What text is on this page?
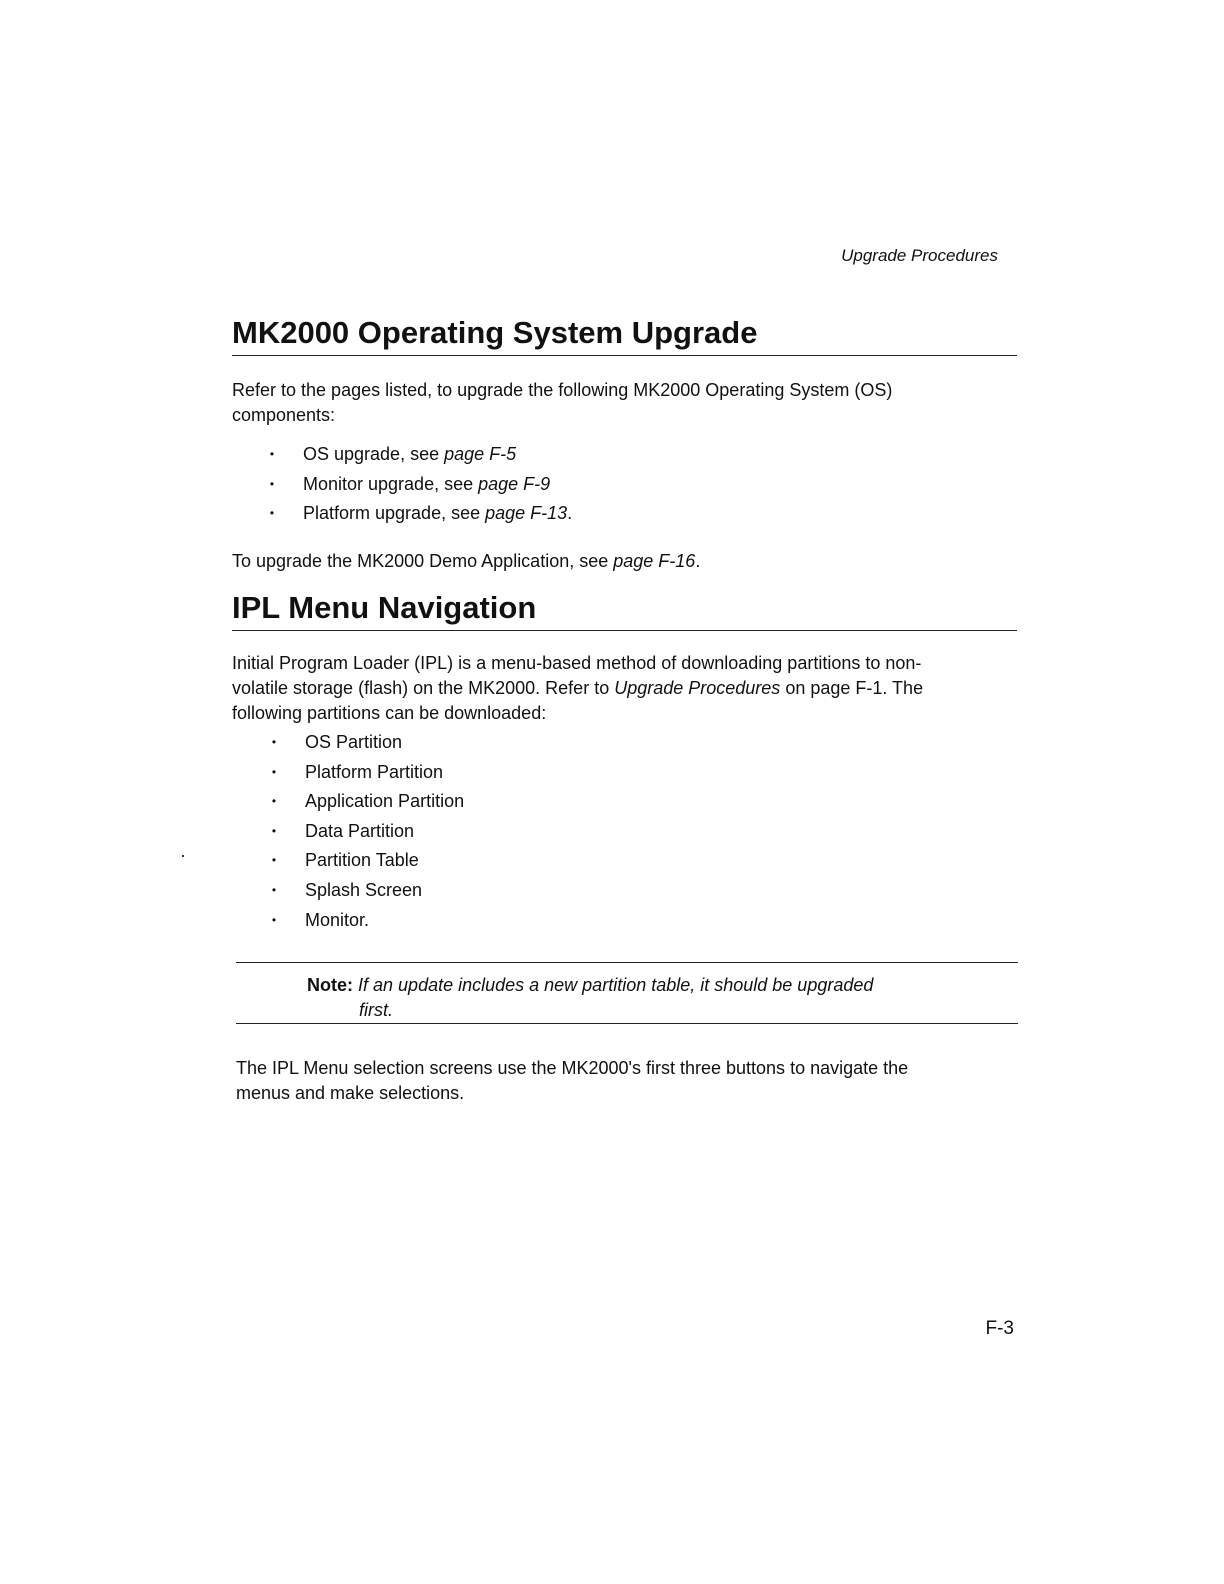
Upgrade Procedures
MK2000 Operating System Upgrade
Refer to the pages listed, to upgrade the following MK2000 Operating System (OS)
components:
• OS upgrade, see page F-5
• Monitor upgrade, see page F-9
• Platform upgrade, see page F-13.
To upgrade the MK2000 Demo Application, see page F-16.
IPL Menu Navigation
Initial Program Loader (IPL) is a menu-based method of downloading partitions to non-
volatile storage (flash) on the MK2000. Refer to Upgrade Procedures on page F-1. The
following partitions can be downloaded:
• OS Partition
• Platform Partition
• Application Partition
• Data Partition
• Partition Table
• Splash Screen
• Monitor.
Note: If an update includes a new partition table, it should be upgraded
first.
The IPL Menu selection screens use the MK2000's first three buttons to navigate the
menus and make selections.
F-3
